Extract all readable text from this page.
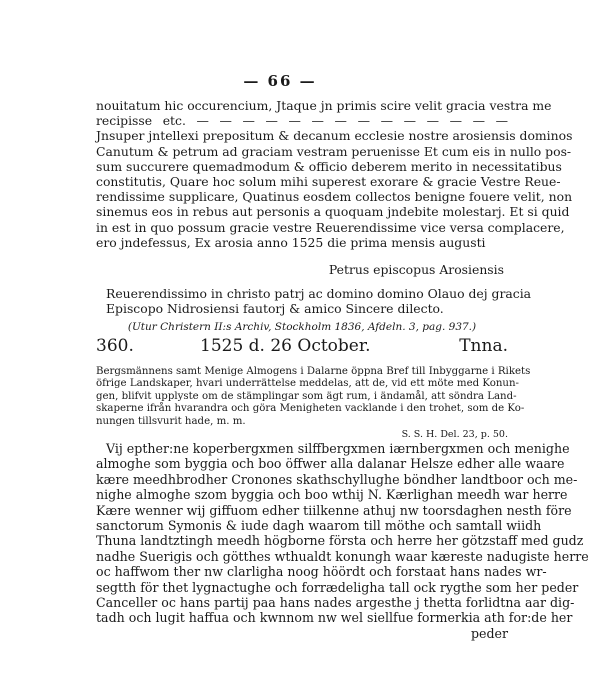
— 66 —
nouitatum hic occurencium, Jtaque jn primis scire velit gracia vestra me
recipisse etc. — — — — — — — — — — — — — —
Jnsuper jntellexi prepositum & decanum ecclesie nostre arosiensis dominos
Canutum & petrum ad graciam vestram peruenisse Et cum eis in nullo pos-
sum succurere quemadmodum & officio deberem merito in necessitatibus
constitutis, Quare hoc solum mihi superest exorare & gracie Vestre Reue-
rendissime supplicare, Quatinus eosdem collectos benigne fouere velit, non
sinemus eos in rebus aut personis a quoquam jndebite molestarj. Et si quid
in est in quo possum gracie vestre Reuerendissime vice versa complacere,
ero jndefessus, Ex arosia anno 1525 die prima mensis augusti
Petrus episcopus Arosiensis
Reuerendissimo in christo patrj ac domino domino Olauo dej gracia
Episcopo Nidrosiensi fautorj & amico Sincere dilecto.
(Utur Christern II:s Archiv, Stockholm 1836, Afdeln. 3, pag. 937.)
360.	1525 d. 26 October.	Tnna.
Bergsmännens samt Menige Almogens i Dalarne öppna Bref till Inbyggarne i Rikets
öfrige Landskaper, hvari underrättelse meddelas, att de, vid ett möte med Konun-
gen, blifvit upplyste om de stämplingar som ägt rum, i ändamål, att söndra Land-
skaperne ifrån hvarandra och göra Menigheten vacklande i den trohet, som de Ko-
nungen tillsvurit hade, m. m.
S. S. H. Del. 23, p. 50.
Vij epther:ne koperbergxmen silffbergxmen iærnbergxmen och menighe
almoghe som byggia och boo öffwer alla dalanar Helsze edher alle waare
kære meedhbrodher Cronones skathschyllughe böndher landtboor och me-
nighe almoghe szom byggia och boo wthij N. Kærlighan meedh war herre
Kære wenner wij giffuom edher tiilkenne athuj nw toorsdaghen nesth före
sanctorum Symonis & iude dagh waarom till möthe och samtall wiidh
Thuna landtztingh meedh högborne första och herre her götzstaff med gudz
nadhe Suerigis och götthes wthualdt konungh waar kæreste nadugiste herre
oc haffwom ther nw clarligha noog höördt och forstaat hans nades wr-
segtth för thet lygnactughe och forrædeligha tall ock rygthe som her peder
Canceller oc hans partij paa hans nades argesthe j thetta forlidtna aar dig-
tadh och lugit haffua och kwnnom nw wel siellfue formerkia ath for:de her
peder
